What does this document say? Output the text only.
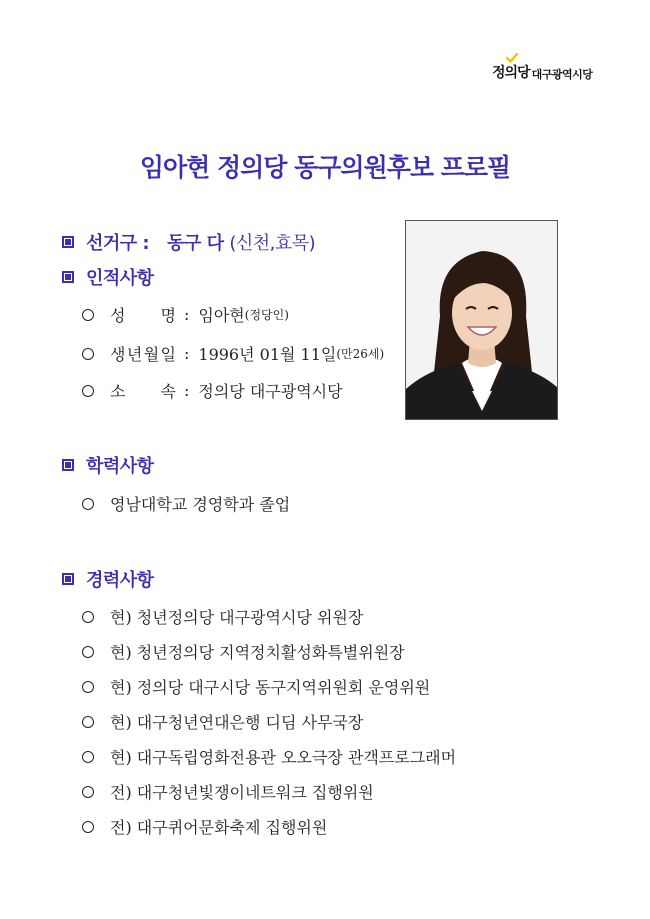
정의당 대구광역시당
임아현 정의당 동구의원후보 프로필
선거구 : 동구 다 (신천,효목)
인적사항
성 명 : 임아현 (정당인)
생 년 월 일 : 1996년 01월 11일 (만26세)
소 속 : 정의당 대구광역시당
학력사항
영남대학교 경영학과 졸업
경력사항
현) 청년정의당 대구광역시당 위원장
현) 청년정의당 지역정치활성화특별위원장
현) 정의당 대구시당 동구지역위원회 운영위원
현) 대구청년연대은행 디딤 사무국장
현) 대구독립영화전용관 오오극장 관객프로그래머
전) 대구청년빛쟁이네트워크 집행위원
전) 대구퀴어문화축제 집행위원
